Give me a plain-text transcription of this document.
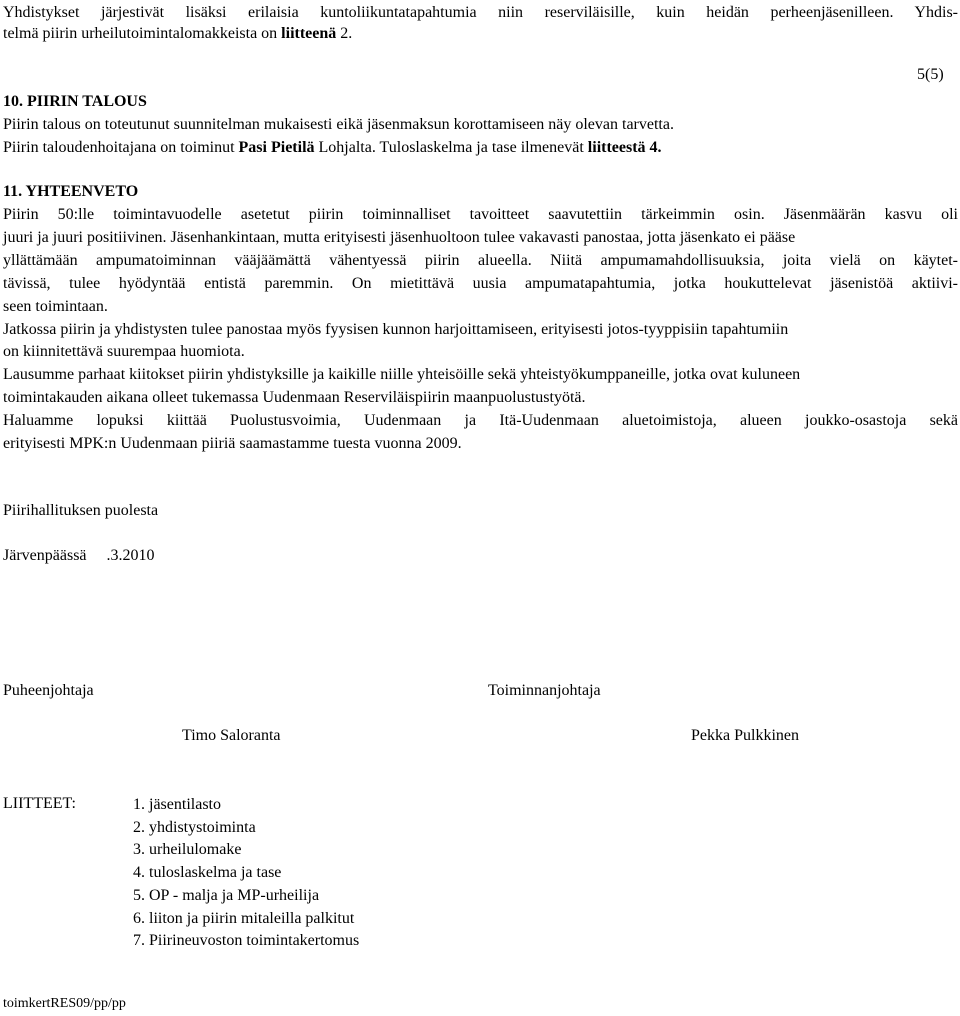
Yhdistykset järjestivät lisäksi erilaisia kuntoliikuntatapahtumia niin reserviläisille, kuin heidän perheenjäsenilleen. Yhdis-
telmä piirin urheilutoimintalomakkeista on liitteenä 2.
5(5)
10. PIIRIN TALOUS
Piirin talous on toteutunut suunnitelman mukaisesti eikä jäsenmaksun korottamiseen näy olevan tarvetta.
Piirin taloudenhoitajana on toiminut Pasi Pietilä Lohjalta. Tuloslaskelma ja tase ilmenevät liitteestä 4.
11. YHTEENVETO
Piirin 50:lle toimintavuodelle asetetut piirin toiminnalliset tavoitteet saavutettiin tärkeimmin osin. Jäsenmäärän kasvu oli
juuri ja juuri positiivinen. Jäsenhankintaan, mutta erityisesti jäsenhuoltoon tulee vakavasti panostaa, jotta jäsenkato ei pääse
yllättämään ampumatoiminnan vääjäämättä vähentyessä piirin alueella. Niitä ampumamahdollisuuksia, joita vielä on käytet-
tävissä, tulee hyödyntää entistä paremmin. On mietittävä uusia ampumatapahtumia, jotka houkuttelevat jäsenistöä aktiivi-
seen toimintaan.
Jatkossa piirin ja yhdistysten tulee panostaa myös fyysisen kunnon harjoittamiseen, erityisesti jotos-tyyppisiin tapahtumiin
on kiinnitettävä suurempaa huomiota.
Lausumme parhaat kiitokset piirin yhdistyksille ja kaikille niille yhteisöille sekä yhteistyökumppaneille, jotka ovat kuluneen
toimintakauden aikana olleet tukemassa Uudenmaan Reserviläispiirin maanpuolustustyötä.
Haluamme lopuksi kiittää Puolustusvoimia, Uudenmaan ja Itä-Uudenmaan aluetoimistoja, alueen joukko-osastoja sekä
erityisesti MPK:n Uudenmaan piiriä saamastamme tuesta vuonna 2009.
Piirihallituksen puolesta
Järvenpäässä     .3.2010
Puheenjohtaja	Toiminnanjohtaja
Timo Saloranta	Pekka Pulkkinen
LIITTEET:	1. jäsentilasto
2. yhdistystoiminta
3. urheilulomake
4. tuloslaskelma ja tase
5. OP - malja ja MP-urheilija
6. liiton ja piirin mitaleilla palkitut
7. Piirineuvoston toimintakertomus
toimkertRES09/pp/pp
